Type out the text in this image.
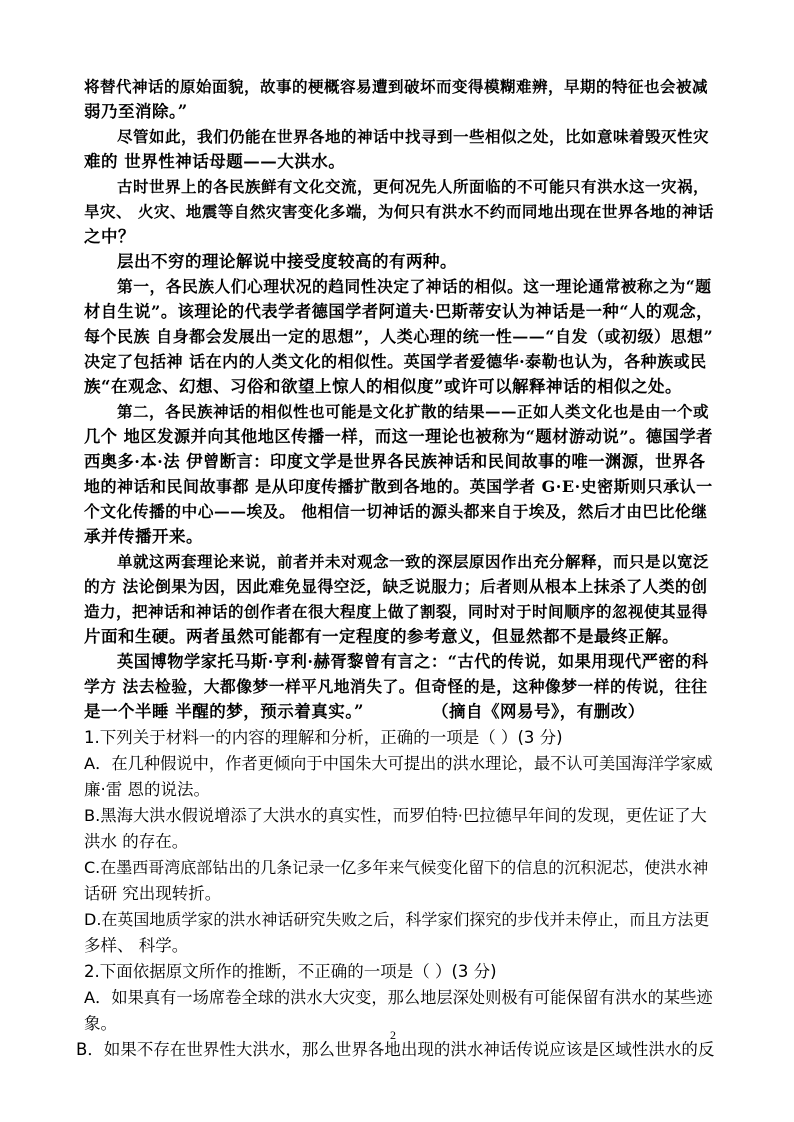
将替代神话的原始面貌，故事的梗概容易遭到破坏而变得模糊难辨，早期的特征也会被减
弱乃至消除。”
尽管如此，我们仍能在世界各地的神话中找寻到一些相似之处，比如意味着毁灭性灾
难的 世界性神话母题——大洪水。
古时世界上的各民族鲜有文化交流，更何况先人所面临的不可能只有洪水这一灾祸，
旱灾、 火灾、地震等自然灾害变化多端，为何只有洪水不约而同地出现在世界各地的神话
之中？
层出不穷的理论解说中接受度较高的有两种。
第一，各民族人们心理状况的趋同性决定了神话的相似。这一理论通常被称之为“题
材自生说”。该理论的代表学者德国学者阿道夫·巴斯蒂安认为神话是一种“人的观念，
每个民族 自身都会发展出一定的思想”，人类心理的统一性——“自发（或初级）思想”
决定了包括神 话在内的人类文化的相似性。英国学者爱德华·泰勒也认为，各种族或民
族“在观念、幻想、习俗和欲望上惊人的相似度”或许可以解释神话的相似之处。
第二，各民族神话的相似性也可能是文化扩散的结果——正如人类文化也是由一个或
几个 地区发源并向其他地区传播一样，而这一理论也被称为“题材游动说”。德国学者
西奥多·本·法 伊曾断言：印度文学是世界各民族神话和民间故事的唯一渊源，世界各
地的神话和民间故事都 是从印度传播扩散到各地的。英国学者 G·E·史密斯则只承认一
个文化传播的中心——埃及。 他相信一切神话的源头都来自于埃及，然后才由巴比伦继
承并传播开来。
单就这两套理论来说，前者并未对观念一致的深层原因作出充分解释，而只是以宽泛
的方 法论倒果为因，因此难免显得空泛，缺乏说服力；后者则从根本上抹杀了人类的创
造力，把神话和神话的创作者在很大程度上做了割裂，同时对于时间顺序的忽视使其显得
片面和生硬。两者虽然可能都有一定程度的参考意义，但显然都不是最终正解。
英国博物学家托马斯·亨利·赫胥黎曾有言之：“古代的传说，如果用现代严密的科
学方 法去检验，大都像梦一样平凡地消失了。但奇怪的是，这种像梦一样的传说，往往
是一个半睡 半醒的梦，预示着真实。”	（摘自《网易号》，有删改）
1.下列关于材料一的内容的理解和分析，正确的一项是（ ）(3 分)
A．在几种假说中，作者更倾向于中国朱大可提出的洪水理论，最不认可美国海洋学家威
廉·雷 恩的说法。
B.黑海大洪水假说增添了大洪水的真实性，而罗伯特·巴拉德早年间的发现，更佐证了大
洪水 的存在。
C.在墨西哥湾底部钻出的几条记录一亿多年来气候变化留下的信息的沉积泥芯，使洪水神
话研 究出现转折。
D.在英国地质学家的洪水神话研究失败之后，科学家们探究的步伐并未停止，而且方法更
多样、 科学。
2.下面依据原文所作的推断，不正确的一项是（ ）(3 分)
A．如果真有一场席卷全球的洪水大灾变，那么地层深处则极有可能保留有洪水的某些迹
象。
B．如果不存在世界性大洪水，那么世界各地出现的洪水神话传说应该是区域性洪水的反
2
